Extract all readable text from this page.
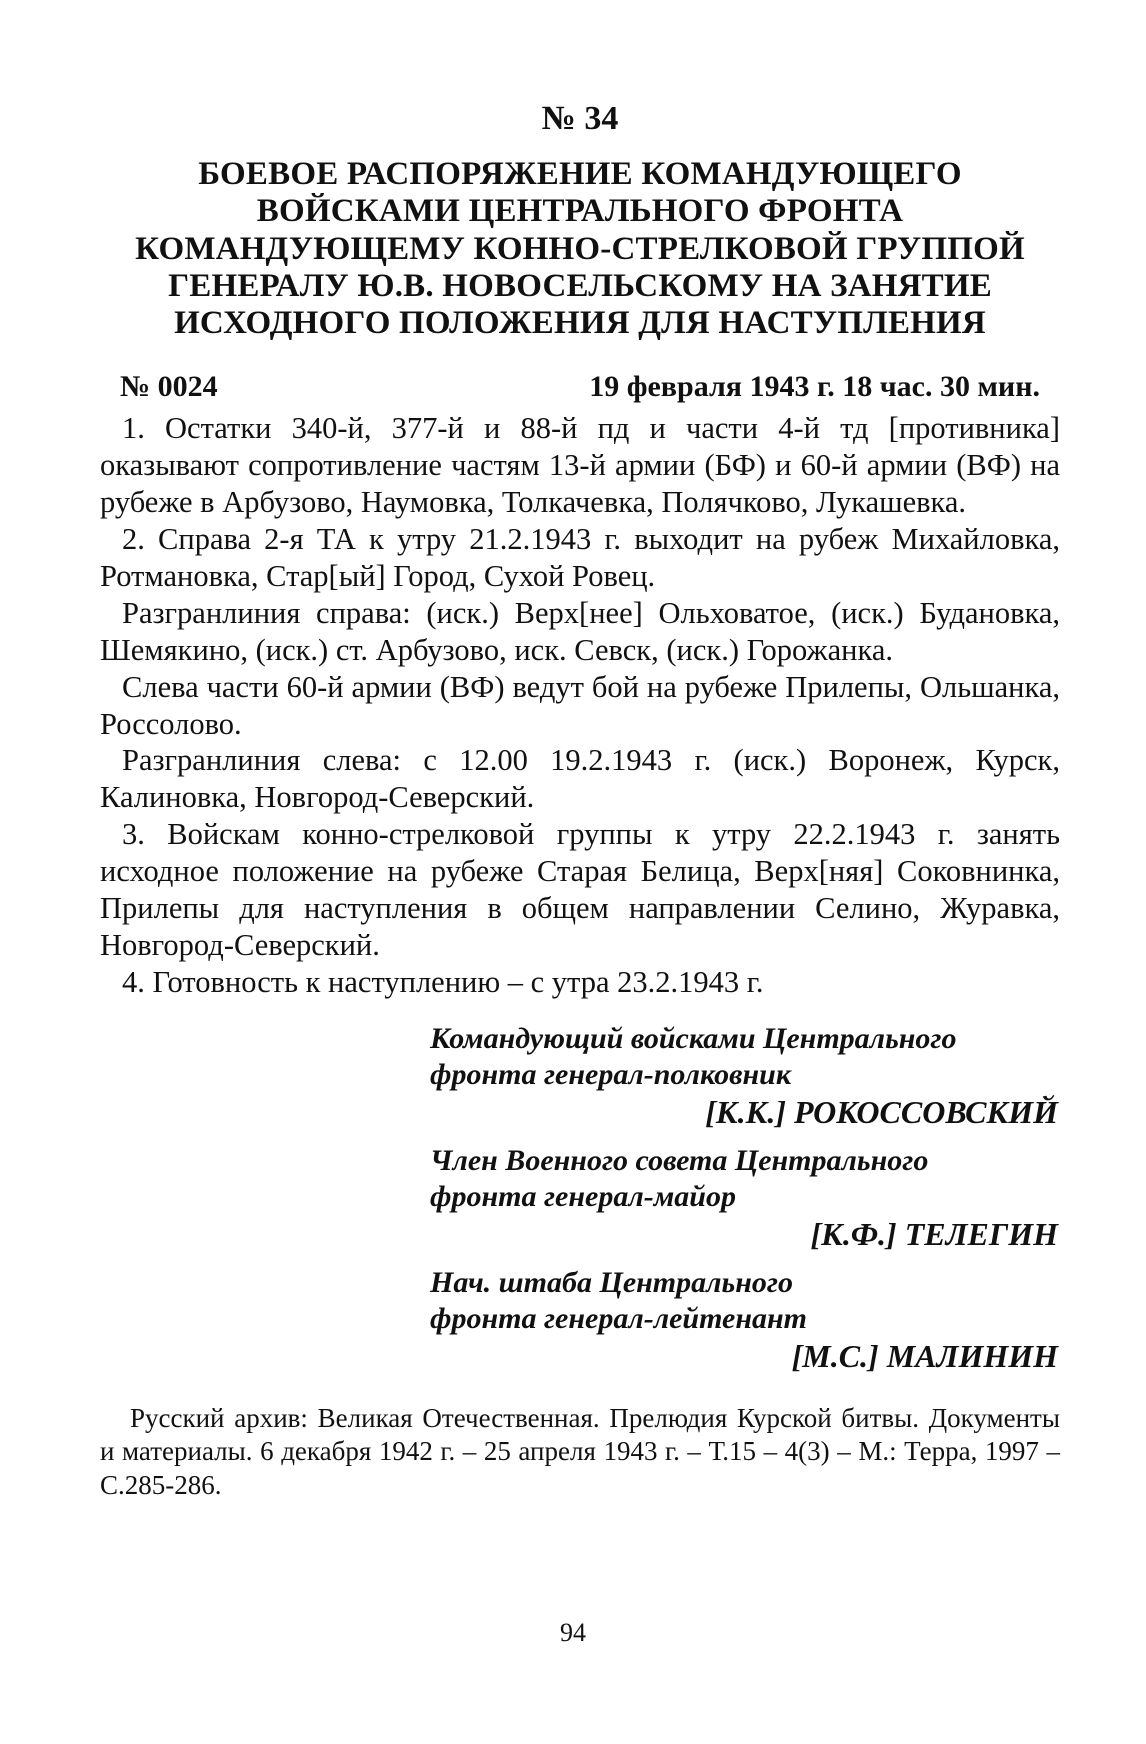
№ 34
БОЕВОЕ РАСПОРЯЖЕНИЕ КОМАНДУЮЩЕГО ВОЙСКАМИ ЦЕНТРАЛЬНОГО ФРОНТА КОМАНДУЮЩЕМУ КОННО-СТРЕЛКОВОЙ ГРУППОЙ ГЕНЕРАЛУ Ю.В. НОВОСЕЛЬСКОМУ НА ЗАНЯТИЕ ИСХОДНОГО ПОЛОЖЕНИЯ ДЛЯ НАСТУПЛЕНИЯ
№ 0024	19 февраля 1943 г. 18 час. 30 мин.

1. Остатки 340-й, 377-й и 88-й пд и части 4-й тд [противника] оказывают сопротивление частям 13-й армии (БФ) и 60-й армии (ВФ) на рубеже в Арбузово, Наумовка, Толкачевка, Полячково, Лукашевка.

2. Справа 2-я ТА к утру 21.2.1943 г. выходит на рубеж Михайловка, Ротмановка, Стар[ый] Город, Сухой Ровец.

Разгранлиния справа: (иск.) Верх[нее] Ольховатое, (иск.) Будановка, Шемякино, (иск.) ст. Арбузово, иск. Севск, (иск.) Горожанка.

Слева части 60-й армии (ВФ) ведут бой на рубеже Прилепы, Ольшанка, Россолово.

Разгранлиния слева: с 12.00 19.2.1943 г. (иск.) Воронеж, Курск, Калиновка, Новгород-Северский.

3. Войскам конно-стрелковой группы к утру 22.2.1943 г. занять исходное положение на рубеже Старая Белица, Верх[няя] Соковнинка, Прилепы для наступления в общем направлении Селино, Журавка, Новгород-Северский.

4. Готовность к наступлению – с утра 23.2.1943 г.

Командующий войсками Центрального
фронта генерал-полковник
[К.К.] РОКОССОВСКИЙ
Член Военного совета Центрального
фронта генерал-майор
[К.Ф.] ТЕЛЕГИН
Нач. штаба Центрального
фронта генерал-лейтенант
[М.С.] МАЛИНИН
Русский архив: Великая Отечественная. Прелюдия Курской битвы. Документы и материалы. 6 декабря 1942 г. – 25 апреля 1943 г. – Т.15 – 4(3) – М.: Терра, 1997 – С.285-286.
94
